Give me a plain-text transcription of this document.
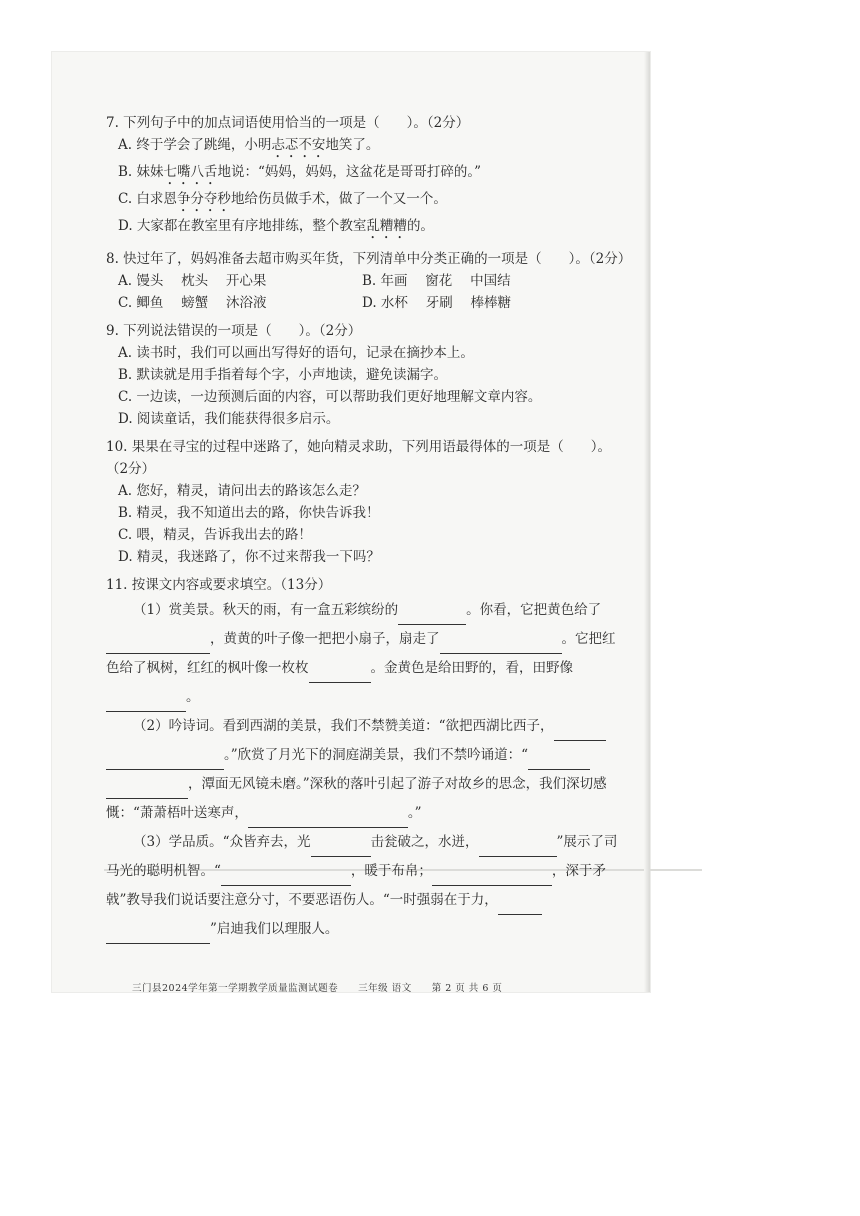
7. 下列句子中的加点词语使用恰当的一项是（　　）。（2分）
A. 终于学会了跳绳，小明忐忑不安地笑了。
B. 妹妹七嘴八舌地说：“妈妈，妈妈，这盆花是哥哥打碎的。”
C. 白求恩争分夺秒地给伤员做手术，做了一个又一个。
D. 大家都在教室里有序地排练，整个教室乱糟糟的。
8. 快过年了，妈妈准备去超市购买年货，下列清单中分类正确的一项是（　　）。（2分）
A. 馒头　 枕头　 开心果	B. 年画　 窗花　 中国结
C. 鲫鱼　 螃蟹　 沐浴液	D. 水杯　 牙刷　 棒棒糖
9. 下列说法错误的一项是（　　）。（2分）
A. 读书时，我们可以画出写得好的语句，记录在摘抄本上。
B. 默读就是用手指着每个字，小声地读，避免读漏字。
C. 一边读，一边预测后面的内容，可以帮助我们更好地理解文章内容。
D. 阅读童话，我们能获得很多启示。
10. 果果在寻宝的过程中迷路了，她向精灵求助，下列用语最得体的一项是（　　）。（2分）
A. 您好，精灵，请问出去的路该怎么走？
B. 精灵，我不知道出去的路，你快告诉我！
C. 喂，精灵，告诉我出去的路！
D. 精灵，我迷路了，你不过来帮我一下吗？
11. 按课文内容或要求填空。（13分）

（1）赏美景。秋天的雨，有一盒五彩缤纷的	。你看，它把黄色给了，黄黄的叶子像一把把小扇子，扇走了	。它把红色给了枫树，红红的枫叶像一枚枚	。金黄色是给田野的，看，田野像。

（2）吟诗词。看到西湖的美景，我们不禁赞美道：“欲把西湖比西子，。”欣赏了月光下的洞庭湖美景，我们不禁吟诵道：“，潭面无风镜未磨。”深秋的落叶引起了游子对故乡的思念，我们深切感慨：“萧萧梧叶送寒声，	。”

（3）学品质。“众皆弃去，光	击瓮破之，水迸，	”展示了司马光的聪明机智。“	，暖于布帛；	，深于矛戟”教导我们说话要注意分寸，不要恶语伤人。“一时强弱在于力，”启迪我们以理服人。

三门县2024学年第一学期教学质量监测试题卷　　三年级 语文　　第 2 页 共 6 页
